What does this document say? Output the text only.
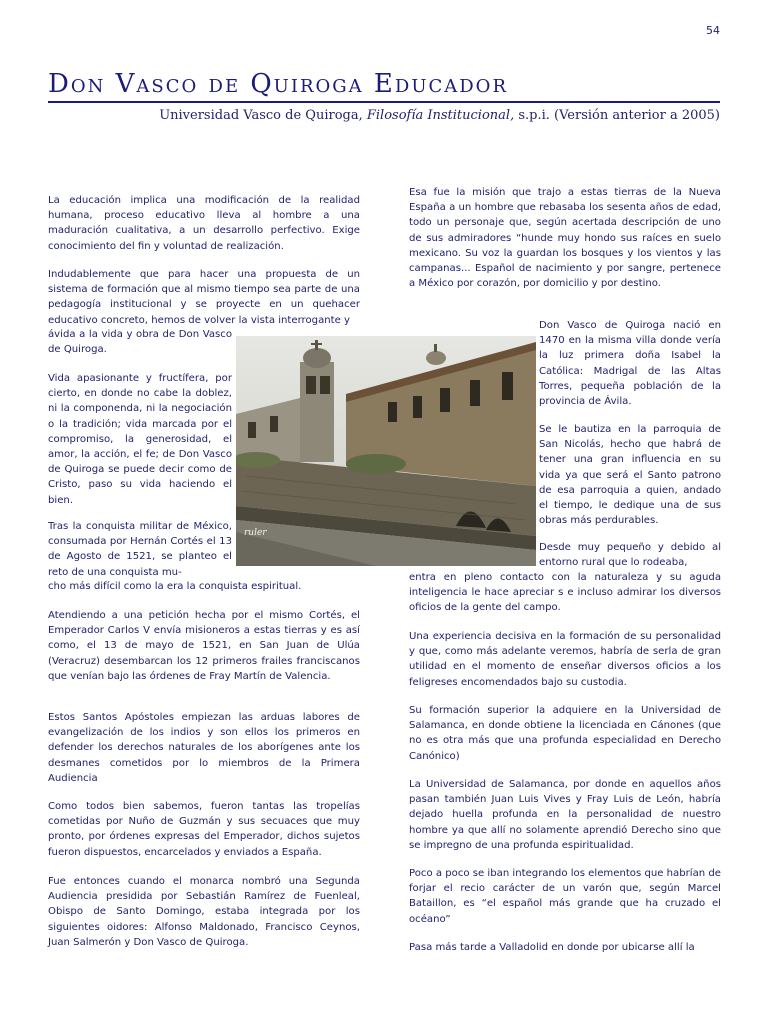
54
Don Vasco de Quiroga Educador
Universidad Vasco de Quiroga, Filosofía Institucional, s.p.i. (Versión anterior a 2005)

La educación implica una modificación de la realidad humana, proceso educativo lleva al hombre a una maduración cualitativa, a un desarrollo perfectivo. Exige conocimiento del fin y voluntad de realización.

Indudablemente que para hacer una propuesta de un sistema de formación que al mismo tiempo sea parte de una pedagogía institucional y se proyecte en un quehacer educativo concreto, hemos de volver la vista interrogante y

ávida a la vida y obra de Don Vasco de Quiroga.

Vida apasionante y fructífera, por cierto, en donde no cabe la doblez, ni la componenda, ni la negociación o la tradición; vida marcada por el compromiso, la generosidad, el amor, la acción, el fe; de Don Vasco de Quiroga se puede decir como de Cristo, paso su vida haciendo el bien.

Tras la conquista militar de México, consumada por Hernán Cortés el 13 de Agosto de 1521, se planteo el reto de una conquista mu-

cho más difícil como la era la conquista espiritual.

Atendiendo a una petición hecha por el mismo Cortés, el Emperador Carlos V envía misioneros a estas tierras y es así como, el 13 de mayo de 1521, en San Juan de Ulúa (Veracruz) desembarcan los 12 primeros frailes franciscanos que venían bajo las órdenes de Fray Martín de Valencia.

Estos Santos Apóstoles empiezan las arduas labores de evangelización de los indios y son ellos los primeros en defender los derechos naturales de los aborígenes ante los desmanes cometidos por lo miembros de la Primera Audiencia

Como todos bien sabemos, fueron tantas las tropelías cometidas por Nuño de Guzmán y sus secuaces que muy pronto, por órdenes expresas del Emperador, dichos sujetos fueron dispuestos, encarcelados y enviados a España.

Fue entonces cuando el monarca nombró una Segunda Audiencia presidida por Sebastián Ramírez de Fuenleal, Obispo de Santo Domingo, estaba integrada por los siguientes oidores: Alfonso Maldonado, Francisco Ceynos, Juan Salmerón y Don Vasco de Quiroga.

ruler

Esa fue la misión que trajo a estas tierras de la Nueva España a un hombre que rebasaba los sesenta años de edad, todo un personaje que, según acertada descripción de uno de sus admiradores “hunde muy hondo sus raíces en suelo mexicano. Su voz la guardan los bosques y los vientos y las campanas... Español de nacimiento y por sangre, pertenece a México por corazón, por domicilio y por destino.

Don Vasco de Quiroga nació en 1470 en la misma villa donde vería la luz primera doña Isabel la Católica: Madrigal de las Altas Torres, pequeña población de la provincia de Ávila.

Se le bautiza en la parroquia de San Nicolás, hecho que habrá de tener una gran influencia en su vida ya que será el Santo patrono de esa parroquia a quien, andado el tiempo, le dedique una de sus obras más perdurables.

Desde muy pequeño y debido al entorno rural que lo rodeaba,

entra en pleno contacto con la naturaleza y su aguda inteligencia le hace apreciar s e incluso admirar los diversos oficios de la gente del campo.

Una experiencia decisiva en la formación de su personalidad y que, como más adelante veremos, habría de serla de gran utilidad en el momento de enseñar diversos oficios a los feligreses encomendados bajo su custodia.

Su formación superior la adquiere en la Universidad de Salamanca, en donde obtiene la licenciada en Cánones (que no es otra más que una profunda especialidad en Derecho Canónico)

La Universidad de Salamanca, por donde en aquellos años pasan también Juan Luis Vives y Fray Luis de León, habría dejado huella profunda en la personalidad de nuestro hombre ya que allí no solamente aprendió Derecho sino que se impregno de una profunda espiritualidad.

Poco a poco se iban integrando los elementos que habrían de forjar el recio carácter de un varón que, según Marcel Bataillon, es “el español más grande que ha cruzado el océano”

Pasa más tarde a Valladolid en donde por ubicarse allí la
